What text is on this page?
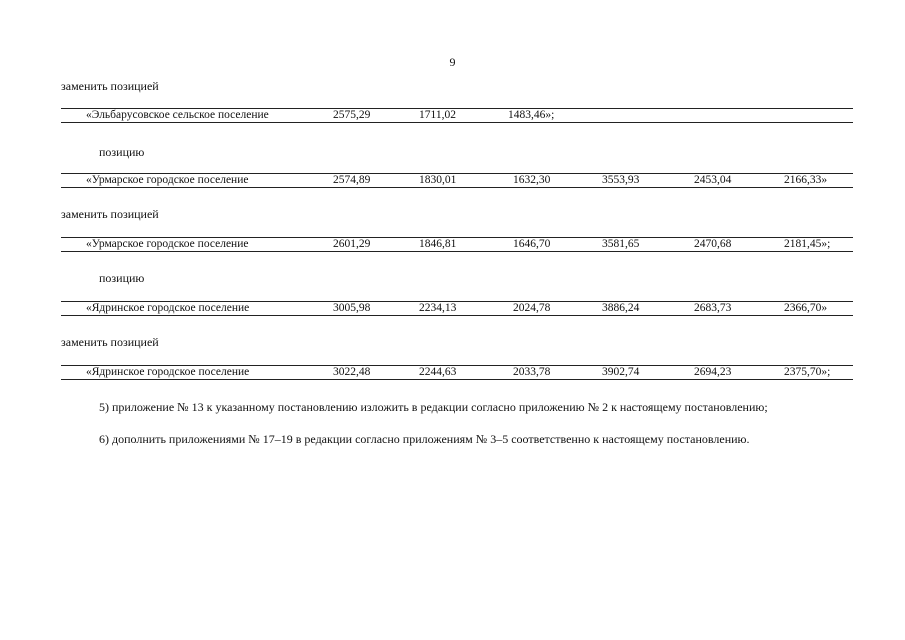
9
заменить позицией
«Эльбарусовское сельское поселение	2575,29	1711,02	1483,46»;
позицию
«Урмарское городское поселение	2574,89	1830,01	1632,30	3553,93	2453,04	2166,33»
заменить позицией
«Урмарское городское поселение	2601,29	1846,81	1646,70	3581,65	2470,68	2181,45»;
позицию
«Ядринское городское поселение	3005,98	2234,13	2024,78	3886,24	2683,73	2366,70»
заменить позицией
«Ядринское городское поселение	3022,48	2244,63	2033,78	3902,74	2694,23	2375,70»;
5) приложение № 13 к указанному постановлению изложить в редакции согласно приложению № 2 к настоящему постановлению;
6) дополнить приложениями № 17–19 в редакции согласно приложениям № 3–5 соответственно к настоящему постановлению.
